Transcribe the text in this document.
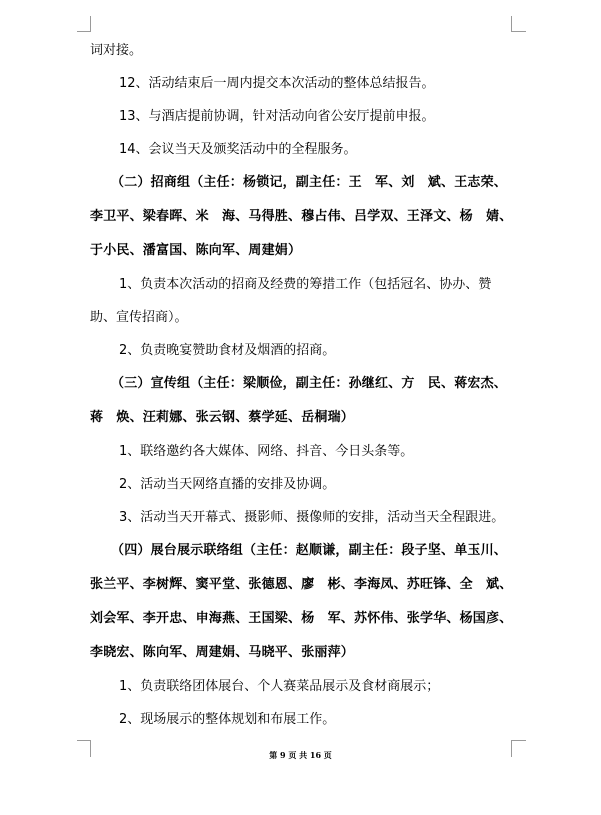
词对接。
12、活动结束后一周内提交本次活动的整体总结报告。
13、与酒店提前协调，针对活动向省公安厅提前申报。
14、会议当天及颁奖活动中的全程服务。
（二）招商组（主任：杨锁记，副主任：王　军、刘　斌、王志荣、
李卫平、梁春晖、米　海、马得胜、穆占伟、吕学双、王泽文、杨　婧、
于小民、潘富国、陈向军、周建娟）
1、负责本次活动的招商及经费的筹措工作（包括冠名、协办、赞
助、宣传招商）。
2、负责晚宴赞助食材及烟酒的招商。
（三）宣传组（主任：梁顺俭，副主任：孙继红、方　民、蒋宏杰、
蒋　焕、汪莉娜、张云钢、蔡学延、岳桐瑞）
1、联络邀约各大媒体、网络、抖音、今日头条等。
2、活动当天网络直播的安排及协调。
3、活动当天开幕式、摄影师、摄像师的安排，活动当天全程跟进。
（四）展台展示联络组（主任：赵顺谦，副主任：段子坚、单玉川、
张兰平、李树辉、窦平堂、张德恩、廖　彬、李海凤、苏旺锋、全　斌、
刘会军、李开忠、申海燕、王国梁、杨　军、苏怀伟、张学华、杨国彦、
李晓宏、陈向军、周建娟、马晓平、张丽萍）
1、负责联络团体展台、个人赛菜品展示及食材商展示；
2、现场展示的整体规划和布展工作。
第 9 页 共 16 页
